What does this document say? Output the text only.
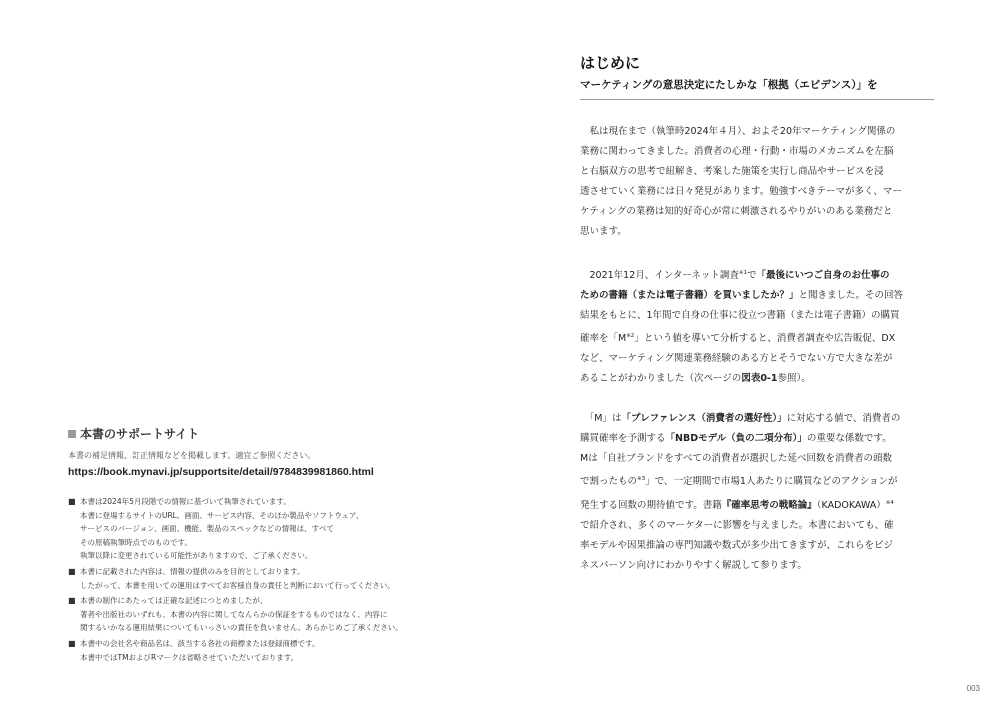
本書のサポートサイト
本書の補足情報、訂正情報などを掲載します。適宜ご参照ください。
https://book.mynavi.jp/supportsite/detail/9784839981860.html
■ 本書は2024年5月段階での情報に基づいて執筆されています。
本書に登場するサイトのURL、画面、サービス内容、そのほか製品やソフトウェア、
サービスのバージョン、画面、機能、製品のスペックなどの情報は、すべて
その原稿執筆時点でのものです。
執筆以降に変更されている可能性がありますので、ご了承ください。
■ 本書に記載された内容は、情報の提供のみを目的としております。
したがって、本書を用いての運用はすべてお客様自身の責任と判断において行ってください。
■ 本書の制作にあたっては正確な記述につとめましたが、
著者や出版社のいずれも、本書の内容に関してなんらかの保証をするものではなく、内容に
関するいかなる運用結果についてもいっさいの責任を負いません。あらかじめご了承ください。
■ 本書中の会社名や商品名は、該当する各社の商標または登録商標です。
本書中ではTMおよびRマークは省略させていただいております。
はじめに
マーケティングの意思決定にたしかな「根拠（エビデンス）」を
　私は現在まで（執筆時2024年４月）、およそ20年マーケティング関係の
業務に関わってきました。消費者の心理・行動・市場のメカニズムを左脳
と右脳双方の思考で紐解き、考案した施策を実行し商品やサービスを浸
透させていく業務には日々発見があります。勉強すべきテーマが多く、マー
ケティングの業務は知的好奇心が常に刺激されるやりがいのある業務だと
思います。
　2021年12月、インターネット調査$^{※1}$で「最後にいつご自身のお仕事の
ための書籍（または電子書籍）を買いましたか？」と聞きました。その回答
結果をもとに、1年間で自身の仕事に役立つ書籍（または電子書籍）の購買
確率を「$M^{※2}$」という値を導いて分析すると、消費者調査や広告販促、DX
など、マーケティング関連業務経験のある方とそうでない方で大きな差が
あることがわかりました（次ページの図表0-1参照）。
　「M」は「プレファレンス（消費者の選好性）」に対応する値で、消費者の
購買確率を予測する「NBDモデル（負の二項分布）」の重要な係数です。
Mは「自社ブランドをすべての消費者が選択した延べ回数を消費者の頭数
で割ったもの$^{※3}$」で、一定期間で市場1人あたりに購買などのアクションが
発生する回数の期待値です。書籍『確率思考の戦略論』（KADOKAWA）$^{※4}$
で紹介され、多くのマーケターに影響を与えました。本書においても、確
率モデルや因果推論の専門知識や数式が多少出てきますが、これらをビジ
ネスパーソン向けにわかりやすく解説して参ります。
003
